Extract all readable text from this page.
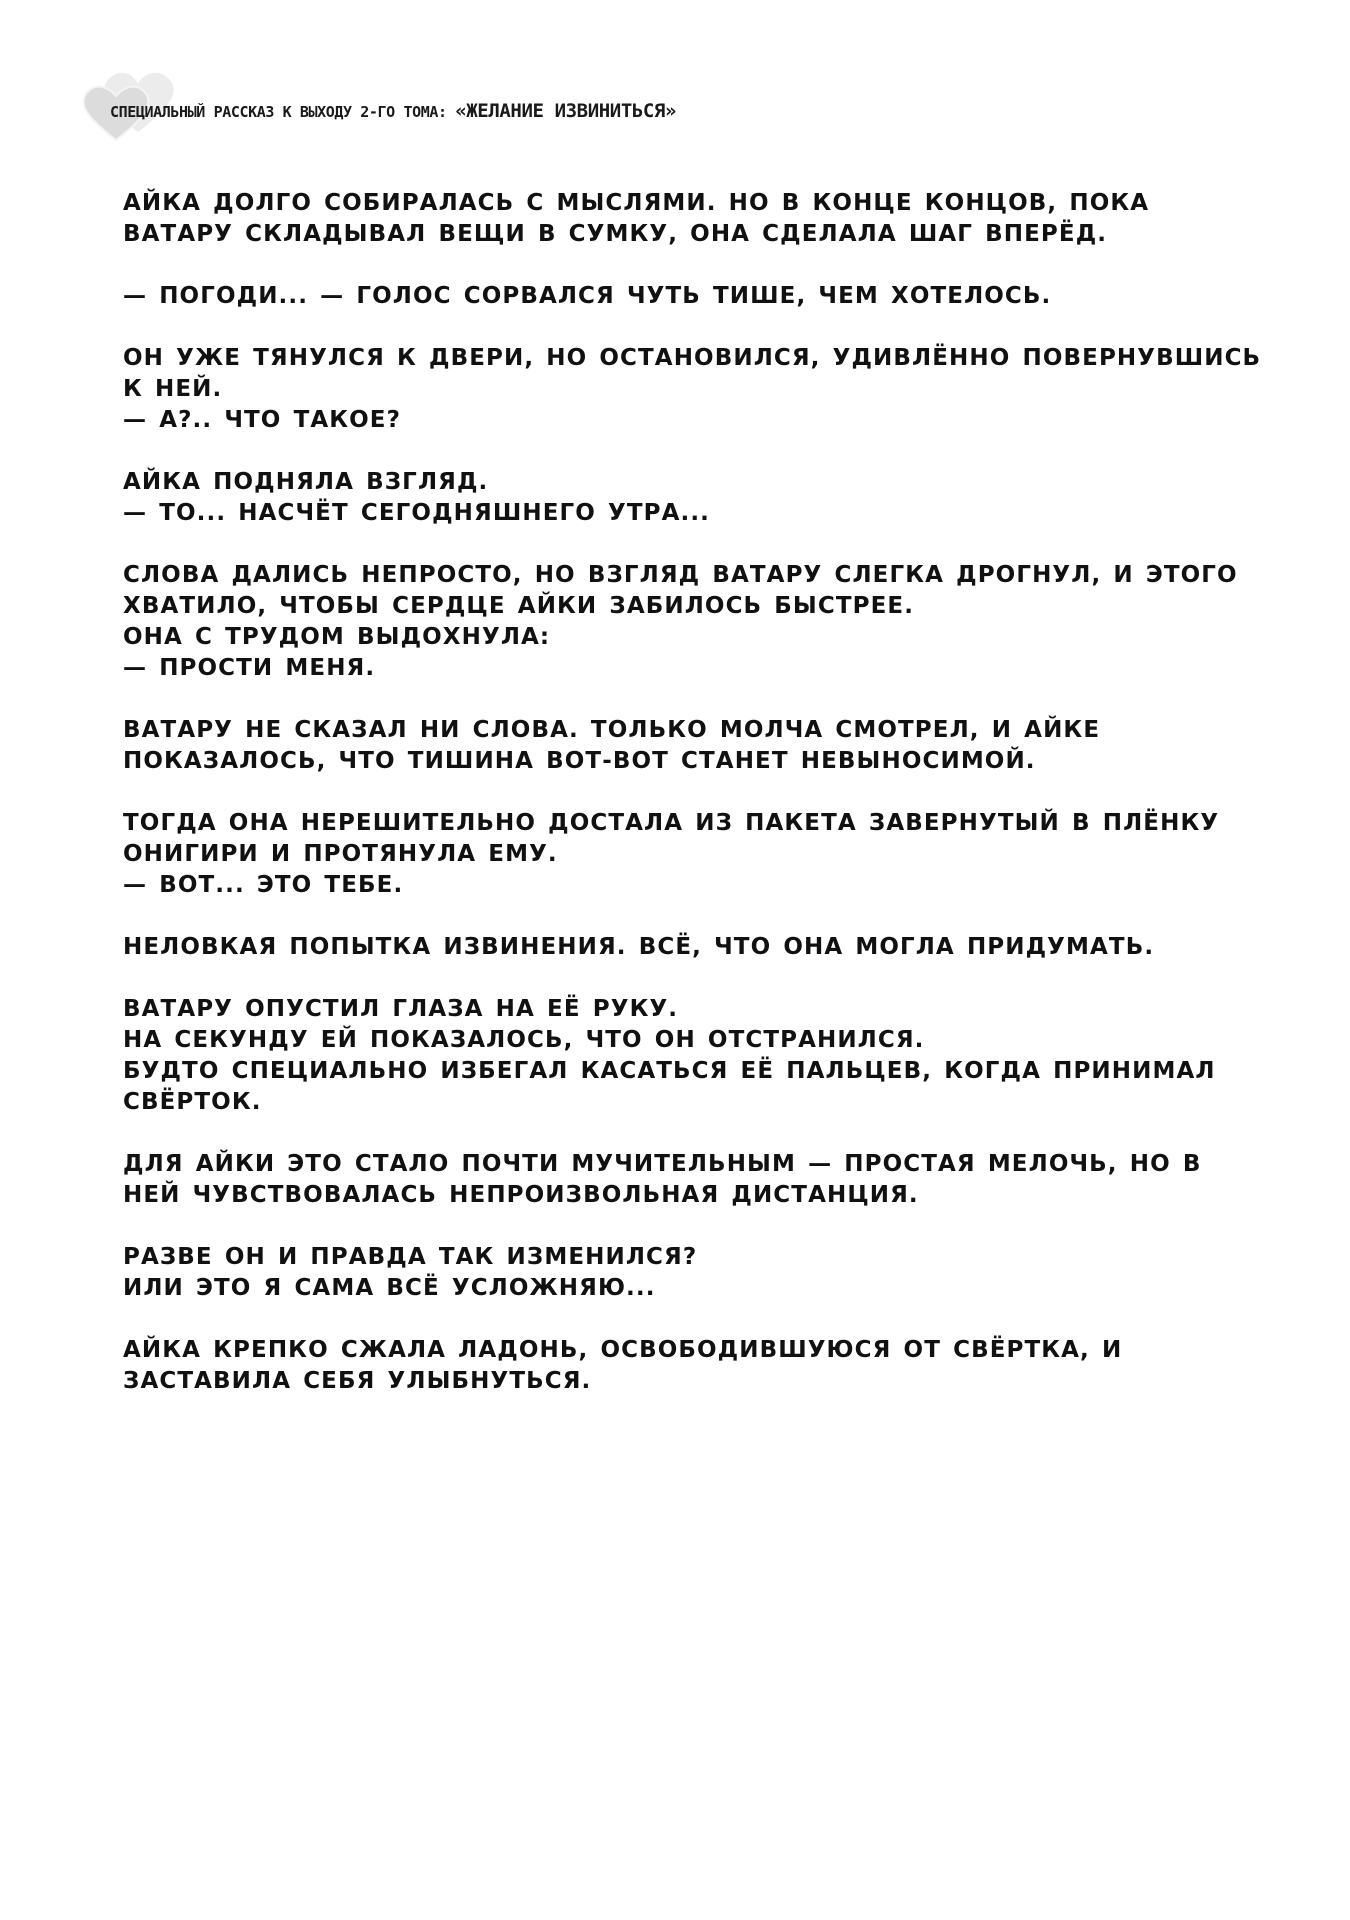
СПЕЦИАЛЬНЫЙ РАССКАЗ К ВЫХОДУ 2-ГО ТОМА: «ЖЕЛАНИЕ ИЗВИНИТЬСЯ»
АЙКА ДОЛГО СОБИРАЛАСЬ С МЫСЛЯМИ. НО В КОНЦЕ КОНЦОВ, ПОКА
ВАТАРУ СКЛАДЫВАЛ ВЕЩИ В СУМКУ, ОНА СДЕЛАЛА ШАГ ВПЕРЁД.
— ПОГОДИ... — ГОЛОС СОРВАЛСЯ ЧУТЬ ТИШЕ, ЧЕМ ХОТЕЛОСЬ.
ОН УЖЕ ТЯНУЛСЯ К ДВЕРИ, НО ОСТАНОВИЛСЯ, УДИВЛЁННО ПОВЕРНУВШИСЬ
К НЕЙ.
— А?.. ЧТО ТАКОЕ?
АЙКА ПОДНЯЛА ВЗГЛЯД.
— ТО... НАСЧЁТ СЕГОДНЯШНЕГО УТРА...
СЛОВА ДАЛИСЬ НЕПРОСТО, НО ВЗГЛЯД ВАТАРУ СЛЕГКА ДРОГНУЛ, И ЭТОГО
ХВАТИЛО, ЧТОБЫ СЕРДЦЕ АЙКИ ЗАБИЛОСЬ БЫСТРЕЕ.
ОНА С ТРУДОМ ВЫДОХНУЛА:
— ПРОСТИ МЕНЯ.
ВАТАРУ НЕ СКАЗАЛ НИ СЛОВА. ТОЛЬКО МОЛЧА СМОТРЕЛ, И АЙКЕ
ПОКАЗАЛОСЬ, ЧТО ТИШИНА ВОТ-ВОТ СТАНЕТ НЕВЫНОСИМОЙ.
ТОГДА ОНА НЕРЕШИТЕЛЬНО ДОСТАЛА ИЗ ПАКЕТА ЗАВЕРНУТЫЙ В ПЛЁНКУ
ОНИГИРИ И ПРОТЯНУЛА ЕМУ.
— ВОТ... ЭТО ТЕБЕ.
НЕЛОВКАЯ ПОПЫТКА ИЗВИНЕНИЯ. ВСЁ, ЧТО ОНА МОГЛА ПРИДУМАТЬ.
ВАТАРУ ОПУСТИЛ ГЛАЗА НА ЕЁ РУКУ.
НА СЕКУНДУ ЕЙ ПОКАЗАЛОСЬ, ЧТО ОН ОТСТРАНИЛСЯ.
БУДТО СПЕЦИАЛЬНО ИЗБЕГАЛ КАСАТЬСЯ ЕЁ ПАЛЬЦЕВ, КОГДА ПРИНИМАЛ
СВЁРТОК.
ДЛЯ АЙКИ ЭТО СТАЛО ПОЧТИ МУЧИТЕЛЬНЫМ — ПРОСТАЯ МЕЛОЧЬ, НО В
НЕЙ ЧУВСТВОВАЛАСЬ НЕПРОИЗВОЛЬНАЯ ДИСТАНЦИЯ.
РАЗВЕ ОН И ПРАВДА ТАК ИЗМЕНИЛСЯ?
ИЛИ ЭТО Я САМА ВСЁ УСЛОЖНЯЮ...
АЙКА КРЕПКО СЖАЛА ЛАДОНЬ, ОСВОБОДИВШУЮСЯ ОТ СВЁРТКА, И
ЗАСТАВИЛА СЕБЯ УЛЫБНУТЬСЯ.
